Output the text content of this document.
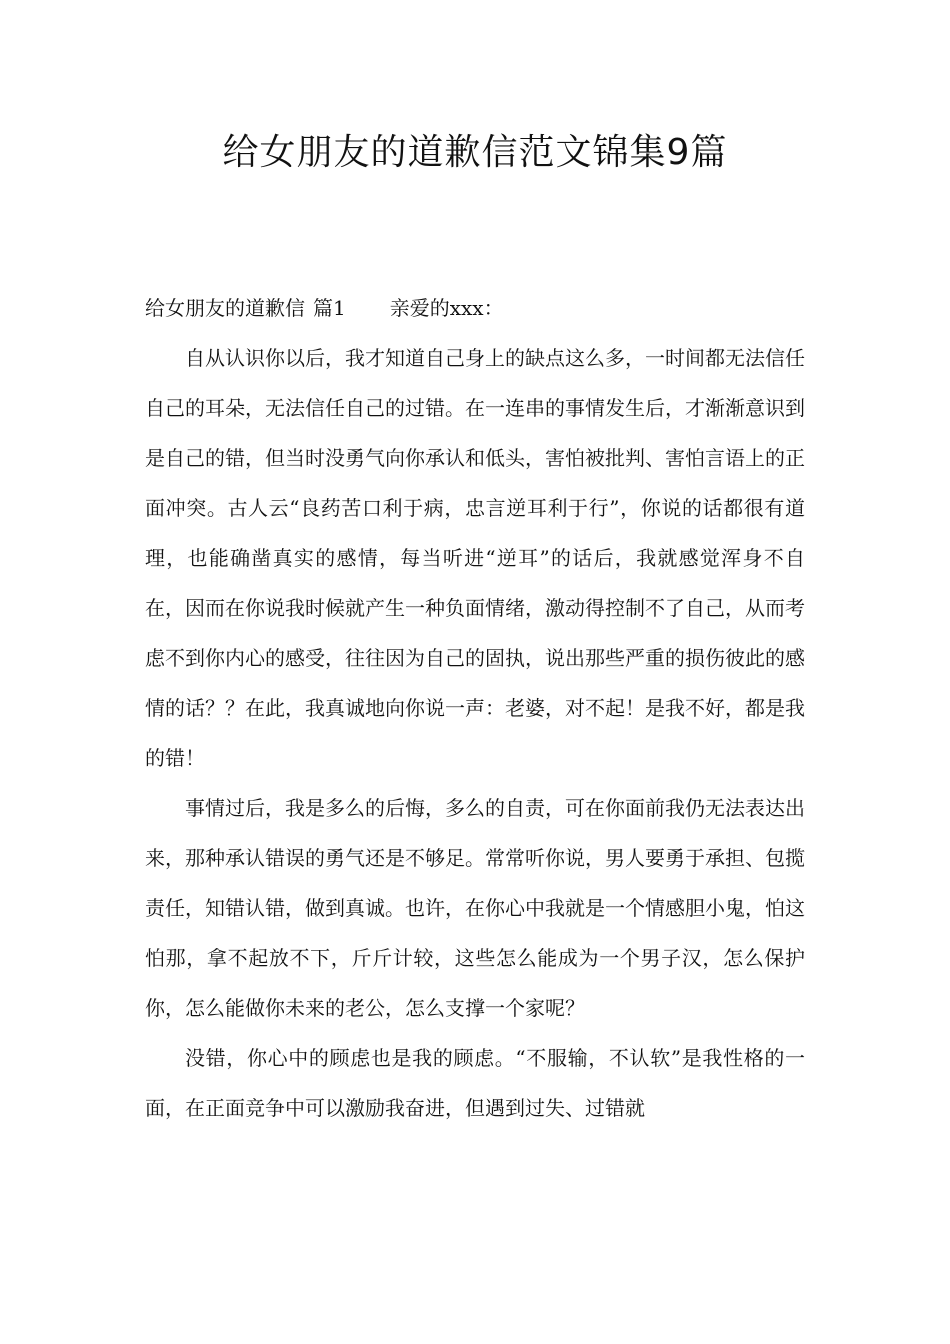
给女朋友的道歉信范文锦集9篇

给女朋友的道歉信 篇1 亲爱的xxx：

自从认识你以后，我才知道自己身上的缺点这么多，一时间都无法信任自己的耳朵，无法信任自己的过错。在一连串的事情发生后，才渐渐意识到是自己的错，但当时没勇气向你承认和低头，害怕被批判、害怕言语上的正面冲突。古人云“良药苦口利于病，忠言逆耳利于行”，你说的话都很有道理，也能确凿真实的感情，每当听进“逆耳”的话后，我就感觉浑身不自在，因而在你说我时候就产生一种负面情绪，激动得控制不了自己，从而考虑不到你内心的感受，往往因为自己的固执，说出那些严重的损伤彼此的感情的话？？在此，我真诚地向你说一声：老婆，对不起！是我不好，都是我的错！

事情过后，我是多么的后悔，多么的自责，可在你面前我仍无法表达出来，那种承认错误的勇气还是不够足。常常听你说，男人要勇于承担、包揽责任，知错认错，做到真诚。也许，在你心中我就是一个情感胆小鬼，怕这怕那，拿不起放不下，斤斤计较，这些怎么能成为一个男子汉，怎么保护你，怎么能做你未来的老公，怎么支撑一个家呢？

没错，你心中的顾虑也是我的顾虑。“不服输，不认软”是我性格的一面，在正面竞争中可以激励我奋进，但遇到过失、过错就
